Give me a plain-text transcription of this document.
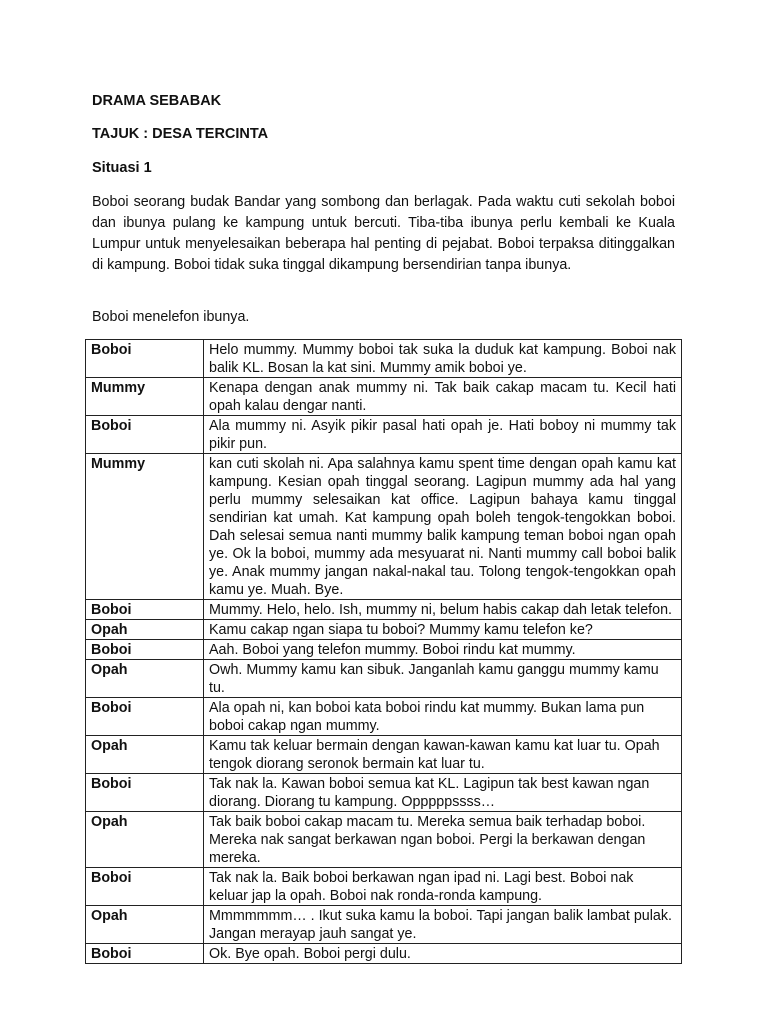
DRAMA SEBABAK

TAJUK : DESA TERCINTA

Situasi 1

Boboi seorang budak Bandar yang sombong dan berlagak. Pada waktu cuti sekolah boboi dan ibunya pulang ke kampung untuk bercuti. Tiba-tiba ibunya perlu kembali ke Kuala Lumpur untuk menyelesaikan beberapa hal penting di pejabat. Boboi terpaksa ditinggalkan di kampung. Boboi tidak suka tinggal dikampung bersendirian tanpa ibunya.

Boboi menelefon ibunya.

Boboi	Helo mummy. Mummy boboi tak suka la duduk kat kampung. Boboi nak balik KL. Bosan la kat sini. Mummy amik boboi ye.
Mummy	Kenapa dengan anak mummy ni. Tak baik cakap macam tu. Kecil hati opah kalau dengar nanti.
Boboi	Ala mummy ni. Asyik pikir pasal hati opah je. Hati boboy ni mummy tak pikir pun.
Mummy	kan cuti skolah ni. Apa salahnya kamu spent time dengan opah kamu kat kampung. Kesian opah tinggal seorang. Lagipun mummy ada hal yang perlu mummy selesaikan kat office. Lagipun bahaya kamu tinggal sendirian kat umah. Kat kampung opah boleh tengok-tengokkan boboi. Dah selesai semua nanti mummy balik kampung teman boboi ngan opah ye. Ok la boboi, mummy ada mesyuarat ni. Nanti mummy call boboi balik ye. Anak mummy jangan nakal-nakal tau. Tolong tengok-tengokkan opah kamu ye. Muah. Bye.
Boboi	Mummy. Helo, helo. Ish, mummy ni, belum habis cakap dah letak telefon.
Opah	Kamu cakap ngan siapa tu boboi? Mummy kamu telefon ke?
Boboi	Aah. Boboi yang telefon mummy. Boboi rindu kat mummy.
Opah	Owh. Mummy kamu kan sibuk. Janganlah kamu ganggu mummy kamu tu.
Boboi	Ala opah ni, kan boboi kata boboi rindu kat mummy. Bukan lama pun boboi cakap ngan mummy.
Opah	Kamu tak keluar bermain dengan kawan-kawan kamu kat luar tu. Opah tengok diorang seronok bermain kat luar tu.
Boboi	Tak nak la. Kawan boboi semua kat KL. Lagipun tak best kawan ngan diorang. Diorang tu kampung. Opppppssss…
Opah	Tak baik boboi cakap macam tu. Mereka semua baik terhadap boboi. Mereka nak sangat berkawan ngan boboi. Pergi la berkawan dengan mereka.
Boboi	Tak nak la. Baik boboi berkawan ngan ipad ni. Lagi best. Boboi nak keluar jap la opah. Boboi nak ronda-ronda kampung.
Opah	Mmmmmmm… . Ikut suka kamu la boboi. Tapi jangan balik lambat pulak. Jangan merayap jauh sangat ye.
Boboi	Ok. Bye opah. Boboi pergi dulu.
